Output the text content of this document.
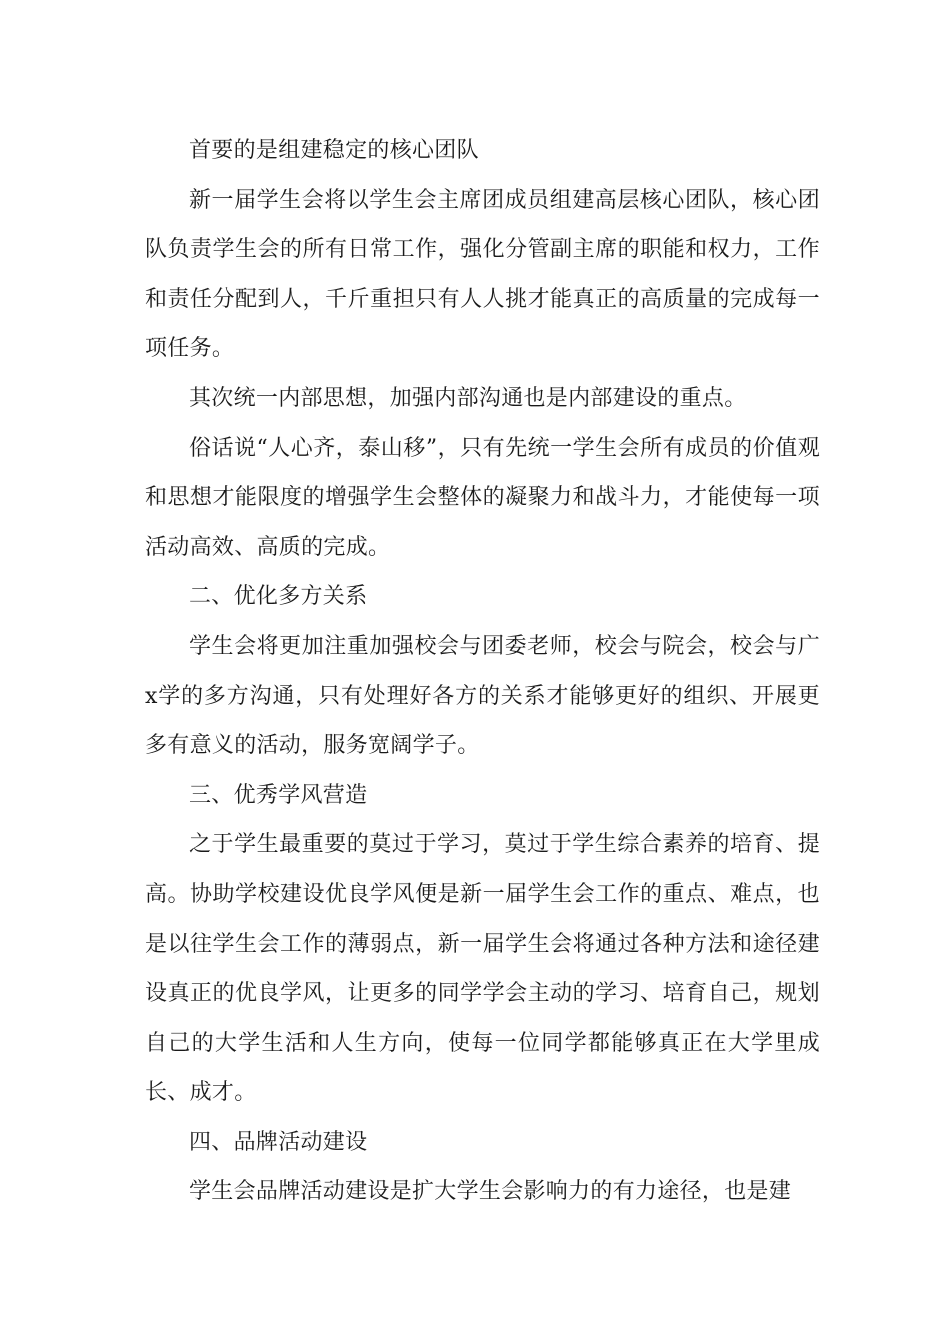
首要的是组建稳定的核心团队

新一届学生会将以学生会主席团成员组建高层核心团队，核心团队负责学生会的所有日常工作，强化分管副主席的职能和权力，工作和责任分配到人，千斤重担只有人人挑才能真正的高质量的完成每一项任务。

其次统一内部思想，加强内部沟通也是内部建设的重点。

俗话说“人心齐，泰山移”，只有先统一学生会所有成员的价值观和思想才能限度的增强学生会整体的凝聚力和战斗力，才能使每一项活动高效、高质的完成。

二、优化多方关系

学生会将更加注重加强校会与团委老师，校会与院会，校会与广x学的多方沟通，只有处理好各方的关系才能够更好的组织、开展更多有意义的活动，服务宽阔学子。

三、优秀学风营造

之于学生最重要的莫过于学习，莫过于学生综合素养的培育、提高。协助学校建设优良学风便是新一届学生会工作的重点、难点，也是以往学生会工作的薄弱点，新一届学生会将通过各种方法和途径建设真正的优良学风，让更多的同学学会主动的学习、培育自己，规划自己的大学生活和人生方向，使每一位同学都能够真正在大学里成长、成才。

四、品牌活动建设

学生会品牌活动建设是扩大学生会影响力的有力途径，也是建
